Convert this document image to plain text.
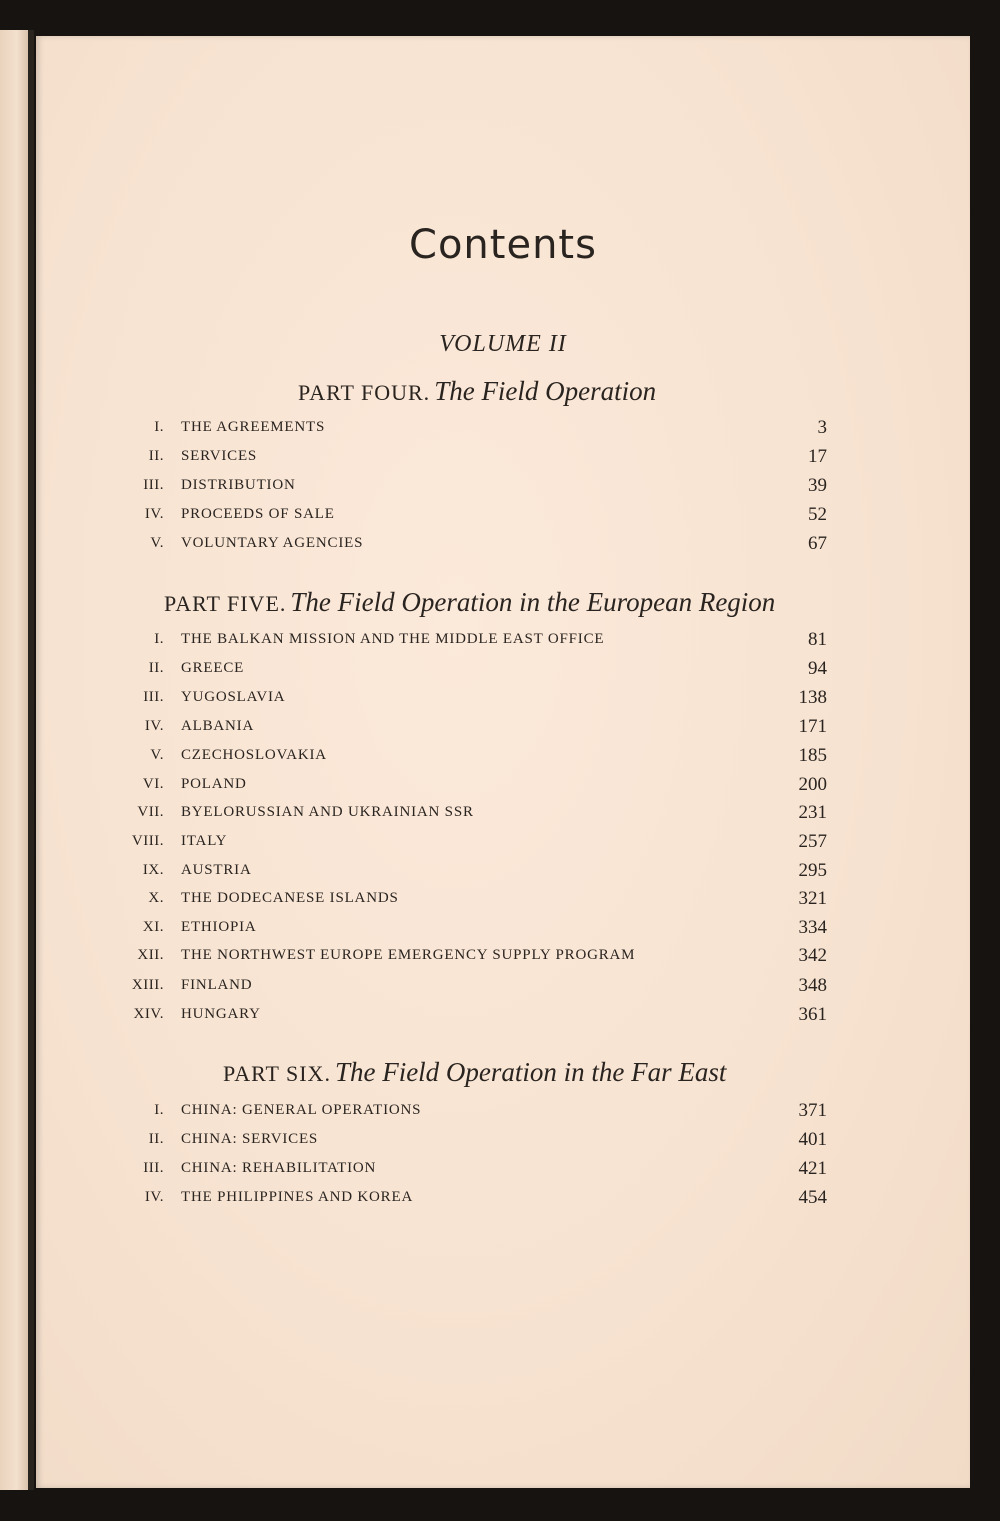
Contents
VOLUME II
PART FOUR. The Field Operation
I. THE AGREEMENTS	3
II. SERVICES	17
III. DISTRIBUTION	39
IV. PROCEEDS OF SALE	52
V. VOLUNTARY AGENCIES	67
PART FIVE. The Field Operation in the European Region
I. THE BALKAN MISSION AND THE MIDDLE EAST OFFICE	81
II. GREECE	94
III. YUGOSLAVIA	138
IV. ALBANIA	171
V. CZECHOSLOVAKIA	185
VI. POLAND	200
VII. BYELORUSSIAN AND UKRAINIAN SSR	231
VIII. ITALY	257
IX. AUSTRIA	295
X. THE DODECANESE ISLANDS	321
XI. ETHIOPIA	334
XII. THE NORTHWEST EUROPE EMERGENCY SUPPLY PROGRAM	342
XIII. FINLAND	348
XIV. HUNGARY	361
PART SIX. The Field Operation in the Far East
I. CHINA: GENERAL OPERATIONS	371
II. CHINA: SERVICES	401
III. CHINA: REHABILITATION	421
IV. THE PHILIPPINES AND KOREA	454
